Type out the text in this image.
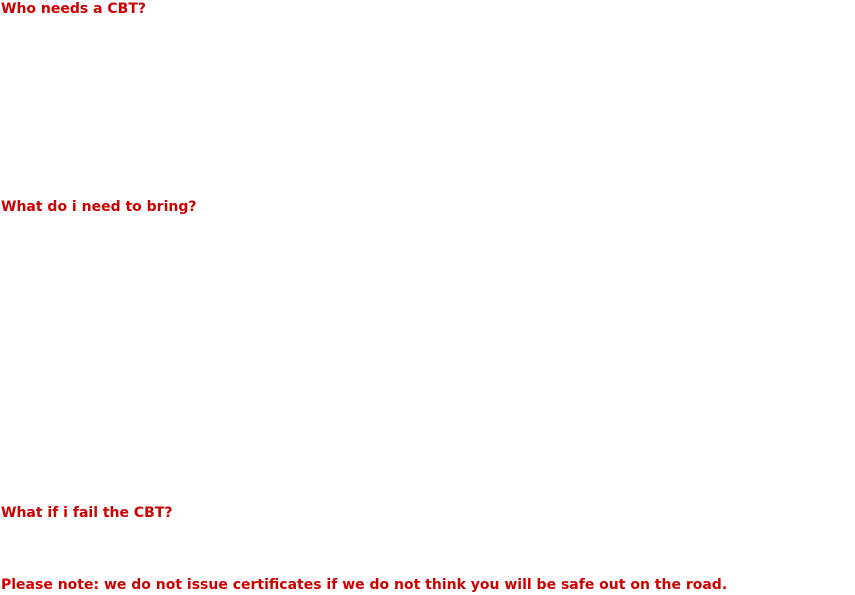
Who needs a CBT?
What do i need to bring?
What if i fail the CBT?

Please note: we do not issue certificates if we do not think you will be safe out on the road.
